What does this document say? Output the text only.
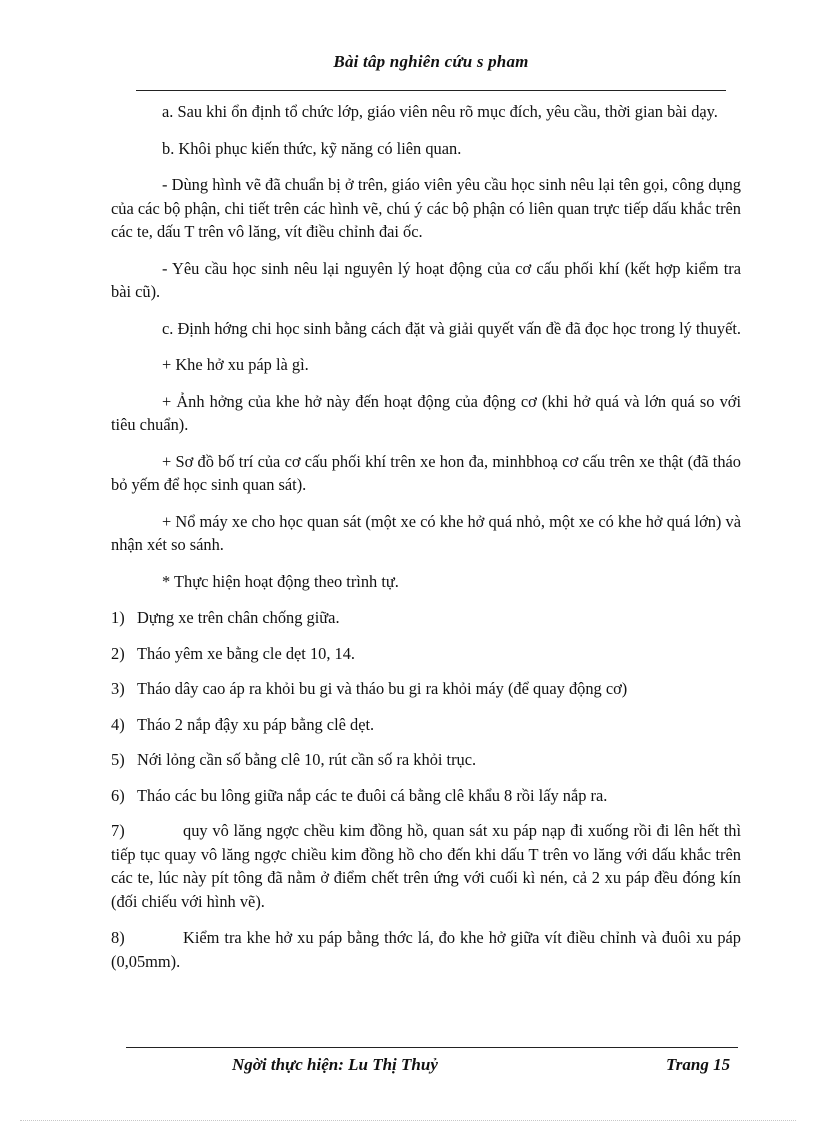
Bài tâp nghiên cứu s pham

a. Sau khi ổn định tổ chức lớp, giáo viên nêu rõ mục đích, yêu cầu, thời gian bài dạy.

b. Khôi phục kiến thức, kỹ năng có liên quan.

- Dùng hình vẽ đã chuẩn bị ở trên, giáo viên yêu cầu học sinh nêu lại tên gọi, công dụng của các bộ phận, chi tiết trên các hình vẽ, chú ý các bộ phận có liên quan trực tiếp dấu khắc trên các te, dấu T trên vô lăng, vít điều chỉnh đai ốc.

- Yêu cầu học sinh nêu lại nguyên lý hoạt động của cơ cấu phối khí (kết hợp kiểm tra bài cũ).

c. Định hớng chi học sinh bằng cách đặt và giải quyết vấn đề đã đọc học trong lý thuyết.

+ Khe hở xu páp là gì.

+ Ảnh hởng của khe hở này đến hoạt động của động cơ (khi hở quá và lớn quá so với tiêu chuẩn).

+ Sơ đồ bố trí của cơ cấu phối khí trên xe hon đa, minhbhoạ cơ cấu trên xe thật (đã tháo bỏ yếm để học sinh quan sát).

+ Nổ máy xe cho học quan sát (một xe có khe hở quá nhỏ, một xe có khe hở quá lớn) và nhận xét so sánh.

* Thực hiện hoạt động theo trình tự.

1) Dựng xe trên chân chống giữa.

2) Tháo yêm xe bằng cle dẹt 10, 14.

3) Tháo dây cao áp ra khỏi bu gi và tháo bu gi ra khỏi máy (để quay động cơ)

4) Tháo 2 nắp đậy xu páp bằng clê dẹt.

5) Nới lỏng cần số bằng clê 10, rút cần số ra khỏi trục.

6) Tháo các bu lông giữa nắp các te đuôi cá bằng clê khẩu 8 rồi lấy nắp ra.

7)	quy vô lăng ngợc chều kim đồng hồ, quan sát xu páp nạp đi xuống rồi đi lên hết thì tiếp tục quay vô lăng ngợc chiều kim đồng hồ cho đến khi dấu T trên vo lăng với dấu khắc trên các te, lúc này pít tông đã nằm ở điểm chết trên ứng với cuối kì nén, cả 2 xu páp đều đóng kín (đối chiếu với hình vẽ).

8)	Kiểm tra khe hở xu páp bằng thớc lá, đo khe hở giữa vít điều chỉnh và đuôi xu páp (0,05mm).

Ngời thực hiện: Lu Thị Thuỷ	Trang 15
